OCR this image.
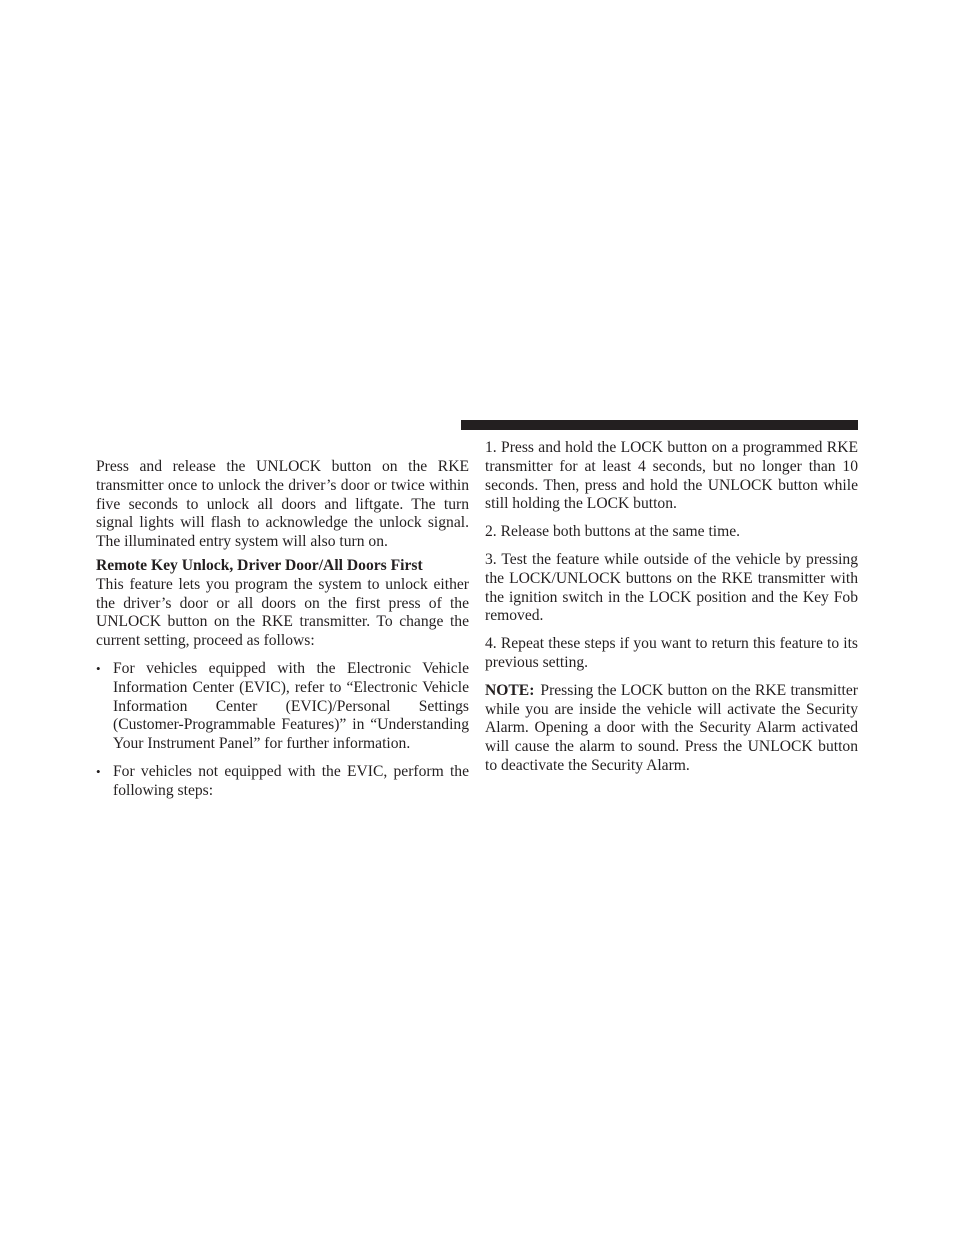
Press and release the UNLOCK button on the RKE transmitter once to unlock the driver’s door or twice within five seconds to unlock all doors and liftgate. The turn signal lights will flash to acknowledge the unlock signal. The illuminated entry system will also turn on.

Remote Key Unlock, Driver Door/All Doors First

This feature lets you program the system to unlock either the driver’s door or all doors on the first press of the UNLOCK button on the RKE transmitter. To change the current setting, proceed as follows:

• For vehicles equipped with the Electronic Vehicle Information Center (EVIC), refer to “Electronic Vehicle Information Center (EVIC)/Personal Settings (Customer-Programmable Features)” in “Understanding Your Instrument Panel” for further information.
• For vehicles not equipped with the EVIC, perform the following steps:

1. Press and hold the LOCK button on a programmed RKE transmitter for at least 4 seconds, but no longer than 10 seconds. Then, press and hold the UNLOCK button while still holding the LOCK button.

2. Release both buttons at the same time.

3. Test the feature while outside of the vehicle by pressing the LOCK/UNLOCK buttons on the RKE transmitter with the ignition switch in the LOCK position and the Key Fob removed.

4. Repeat these steps if you want to return this feature to its previous setting.

NOTE: Pressing the LOCK button on the RKE transmitter while you are inside the vehicle will activate the Security Alarm. Opening a door with the Security Alarm activated will cause the alarm to sound. Press the UNLOCK button to deactivate the Security Alarm.
